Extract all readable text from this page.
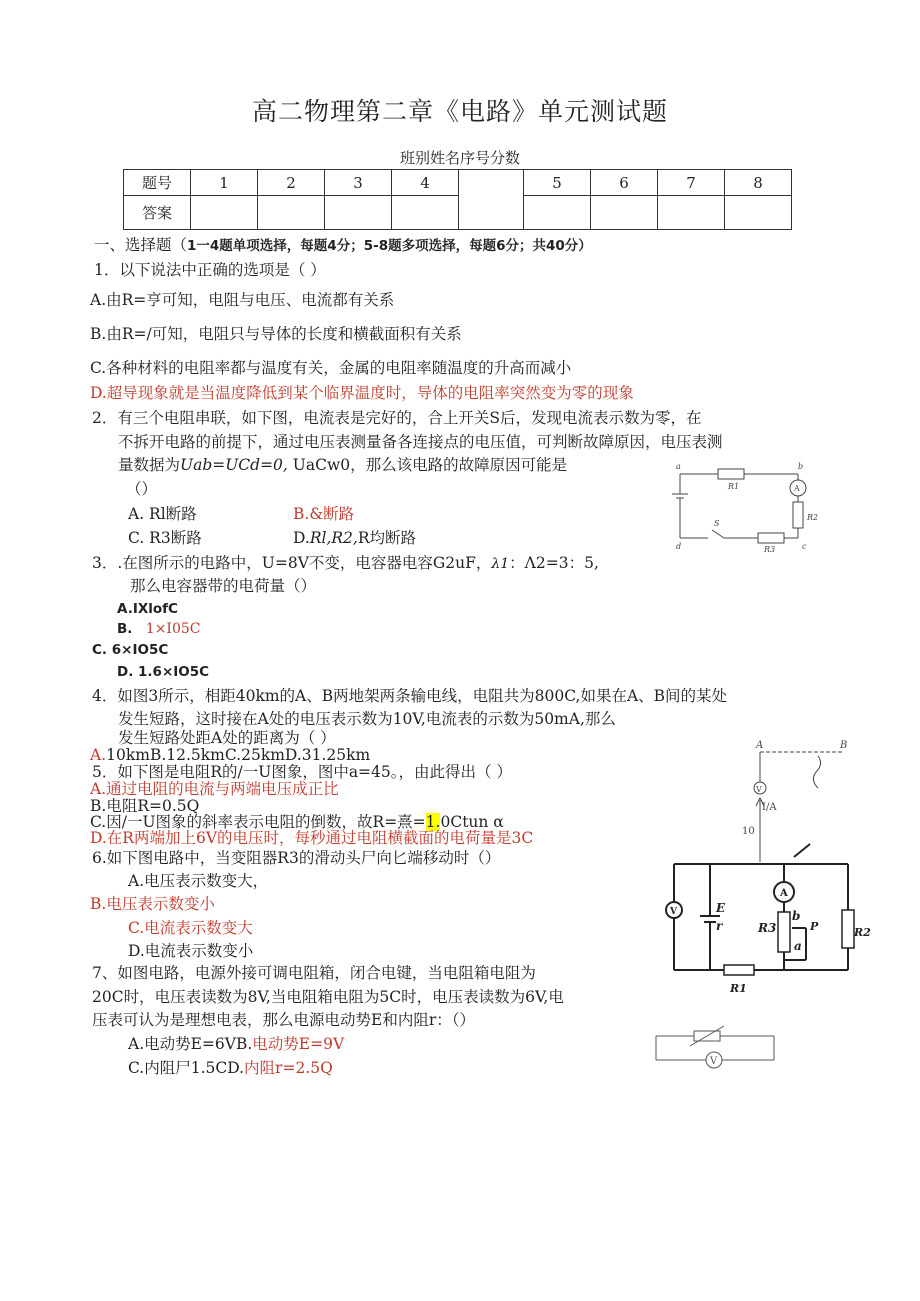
高二物理第二章《电路》单元测试题
班别姓名序号分数
题号	1	2	3	4		5	6	7	8
答案									
一、选择题（1一4题单项选择，每题4分；5-8题多项选择，每题6分；共40分）
1．以下说法中正确的选项是（ ）
A.由R=亨可知，电阻与电压、电流都有关系
B.由R=/可知，电阻只与导体的长度和横截面积有关系
C.各种材料的电阻率都与温度有关，金属的电阻率随温度的升高而减小
D.超导现象就是当温度降低到某个临界温度时，导体的电阻率突然变为零的现象
2．有三个电阻串联，如下图，电流表是完好的，合上开关S后，发现电流表示数为零，在
不拆开电路的前提下，通过电压表测量备各连接点的电压值，可判断故障原因，电压表测
量数据为Uab=UCd=0, UaCw0，那么该电路的故障原因可能是
（）
A. Rl断路	B.&断路
C. R3断路	D.Rl,R2,R均断路
a	b
c
d
R1
R2
R3
S
A
3．.在图所示的电路中，U=8V不变，电容器电容G2uF，λ1：Λ2=3：5,
那么电容器带的电荷量（）
A.IXlofC
B. 1×I05C
C. 6×IO5C
D. 1.6×IO5C
4．如图3所示，相距40km的A、B两地架两条输电线，电阻共为800C,如果在A、B间的某处
发生短路，这时接在A处的电压表示数为10V,电流表的示数为50mA,那么
发生短路处距A处的距离为（ ）
A.10kmB.12.5kmC.25kmD.31.25km
A	B
V
I/A
10
5．如下图是电阻R的/一U图象，图中a=45。，由此得出（ ）
A.通过电阻的电流与两端电压成正比
B.电阻R=0.5Q
C.因/一U图象的斜率表示电阻的倒数，故R=熹=1.0Ctun α
D.在R两端加上6V的电压时，每秒通过电阻横截面的电荷量是3C
6.如下图电路中，当变阻器R3的滑动头尸向匕端移动时（）
A.电压表示数变大，
B.电压表示数变小
C.电流表示数变大
D.电流表示数变小
V
A
E
r	R3
b
a
P	R2
R1
7、如图电路，电源外接可调电阻箱，闭合电键，当电阻箱电阻为
20C时，电压表读数为8V,当电阻箱电阻为5C时，电压表读数为6V,电
压表可认为是理想电表，那么电源电动势E和内阻r：（）
A.电动势E=6VB.电动势E=9V
C.内阻尸1.5CD.内阻r=2.5Q	V
